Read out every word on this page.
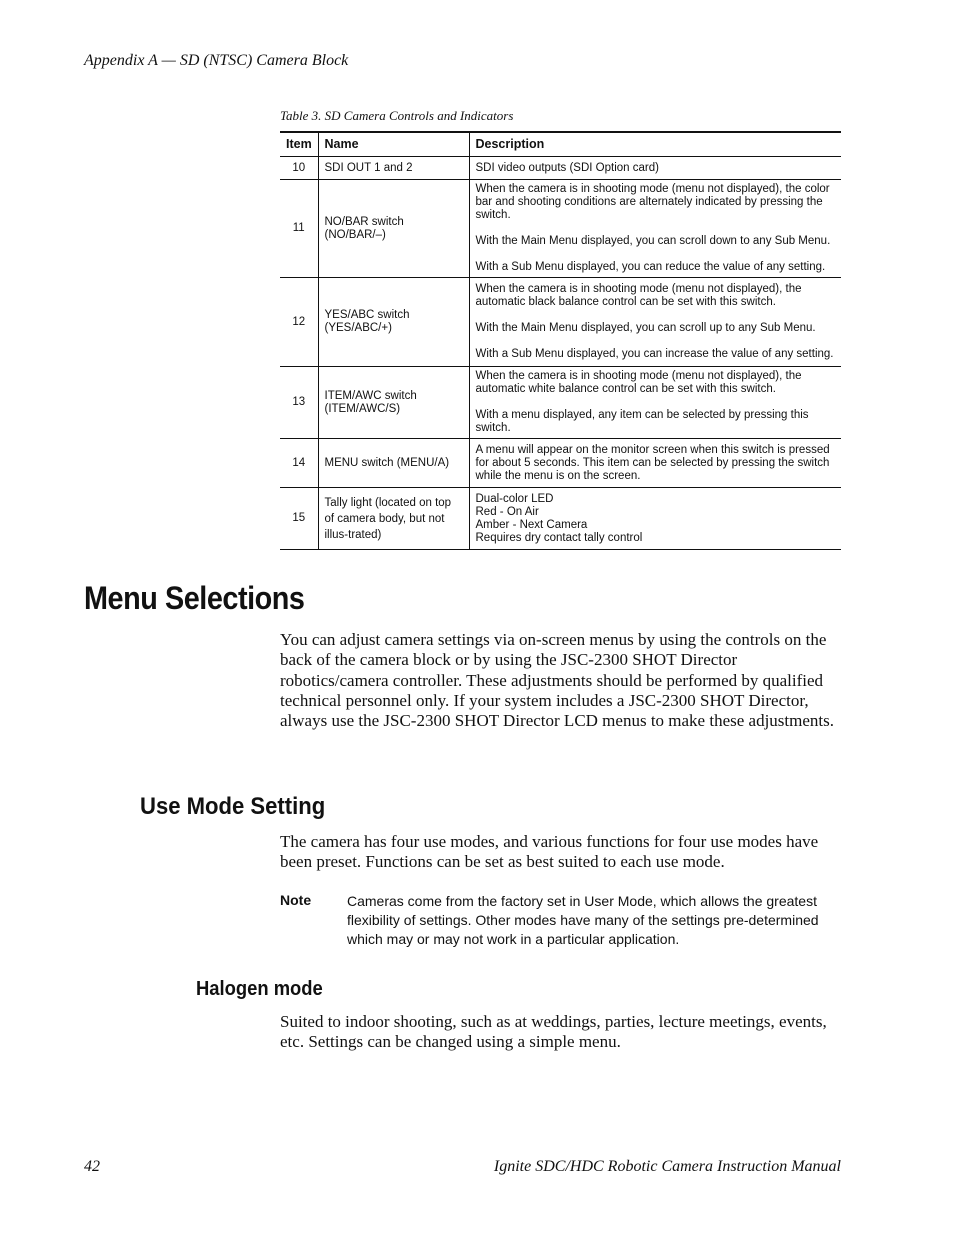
Appendix A — SD (NTSC) Camera Block
Table 3. SD Camera Controls and Indicators
Item	Name	Description
10	SDI OUT 1 and 2	SDI video outputs (SDI Option card)

11	NO/BAR switch (NO/BAR/–)	When the camera is in shooting mode (menu not displayed), the color bar and shooting conditions are alternately indicated by pressing the switch.

With the Main Menu displayed, you can scroll down to any Sub Menu.

With a Sub Menu displayed, you can reduce the value of any setting.

12	YES/ABC switch (YES/ABC/+)	When the camera is in shooting mode (menu not displayed), the automatic black balance control can be set with this switch.

With the Main Menu displayed, you can scroll up to any Sub Menu.

With a Sub Menu displayed, you can increase the value of any setting.

13	ITEM/AWC switch (ITEM/AWC/S)	When the camera is in shooting mode (menu not displayed), the automatic white balance control can be set with this switch.

With a menu displayed, any item can be selected by pressing this switch.

14	MENU switch (MENU/A)	A menu will appear on the monitor screen when this switch is pressed for about 5 seconds. This item can be selected by pressing the switch while the menu is on the screen.

15	Tally light (located on top of camera body, but not illus-trated)	Dual-color LED
Red - On Air
Amber - Next Camera
Requires dry contact tally control
Menu Selections

You can adjust camera settings via on-screen menus by using the controls on the back of the camera block or by using the JSC-2300 SHOT Director robotics/camera controller. These adjustments should be performed by qualified technical personnel only. If your system includes a JSC-2300 SHOT Director, always use the JSC-2300 SHOT Director LCD menus to make these adjustments.

Use Mode Setting

The camera has four use modes, and various functions for four use modes have been preset. Functions can be set as best suited to each use mode.

Note	Cameras come from the factory set in User Mode, which allows the greatest flexibility of settings. Other modes have many of the settings pre-determined which may or may not work in a particular application.

Halogen mode

Suited to indoor shooting, such as at weddings, parties, lecture meetings, events, etc. Settings can be changed using a simple menu.

42	Ignite SDC/HDC Robotic Camera Instruction Manual
